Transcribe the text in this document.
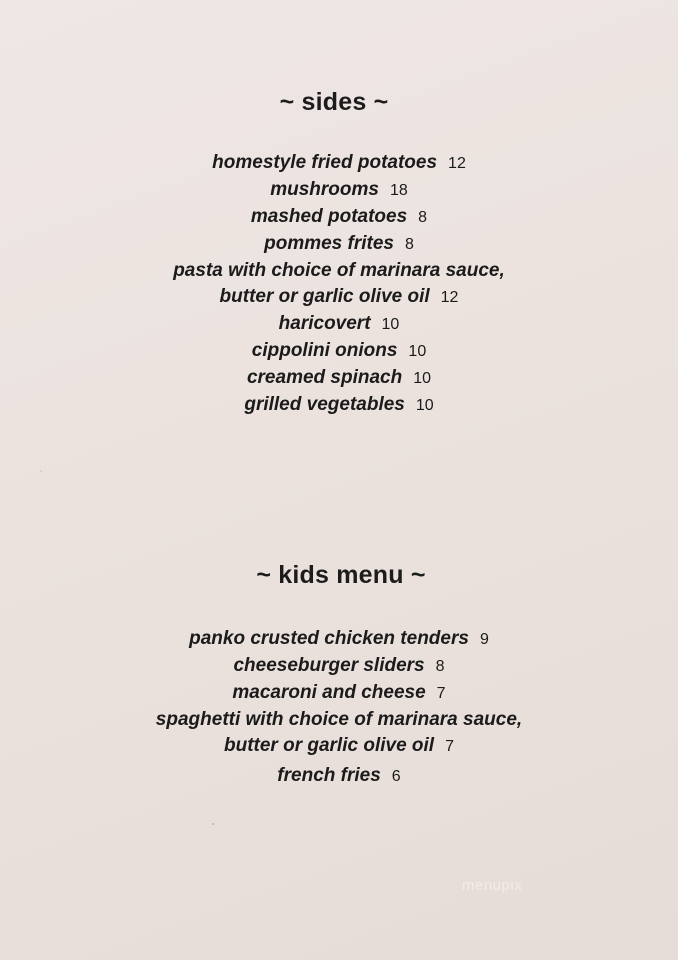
~ sides ~
homestyle fried potatoes 12
mushrooms 18
mashed potatoes 8
pommes frites 8
pasta with choice of marinara sauce,
butter or garlic olive oil 12
haricovert 10
cippolini onions 10
creamed spinach 10
grilled vegetables 10
~ kids menu ~
panko crusted chicken tenders 9
cheeseburger sliders 8
macaroni and cheese 7
spaghetti with choice of marinara sauce,
butter or garlic olive oil 7
french fries 6
menupix
